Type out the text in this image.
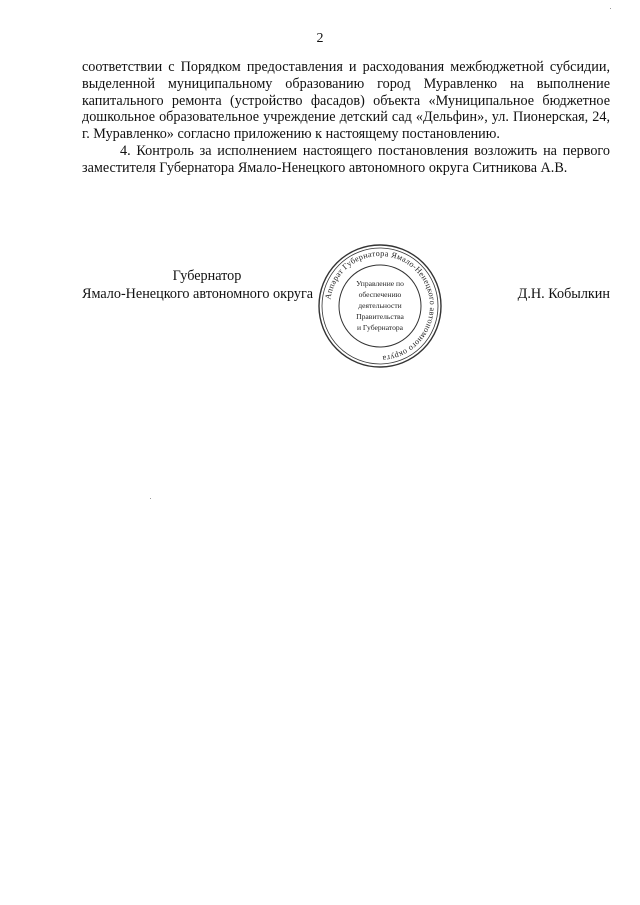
2

соответствии с Порядком предоставления и расходования межбюджетной субсидии, выделенной муниципальному образованию город Муравленко на выполнение капитального ремонта (устройство фасадов) объекта «Муниципальное бюджетное дошкольное образовательное учреждение детский сад «Дельфин», ул. Пионерская, 24, г. Муравленко» согласно приложению к настоящему постановлению.

4. Контроль за исполнением настоящего постановления возложить на первого заместителя Губернатора Ямало-Ненецкого автономного округа Ситникова А.В.

Губернатор
Ямало-Ненецкого автономного округа	Д.Н. Кобылкин
Аппарат Губернатора Ямало-Ненецкого автономного округа
Управление по
обеспечению
деятельности
Правительства
и Губернатора
